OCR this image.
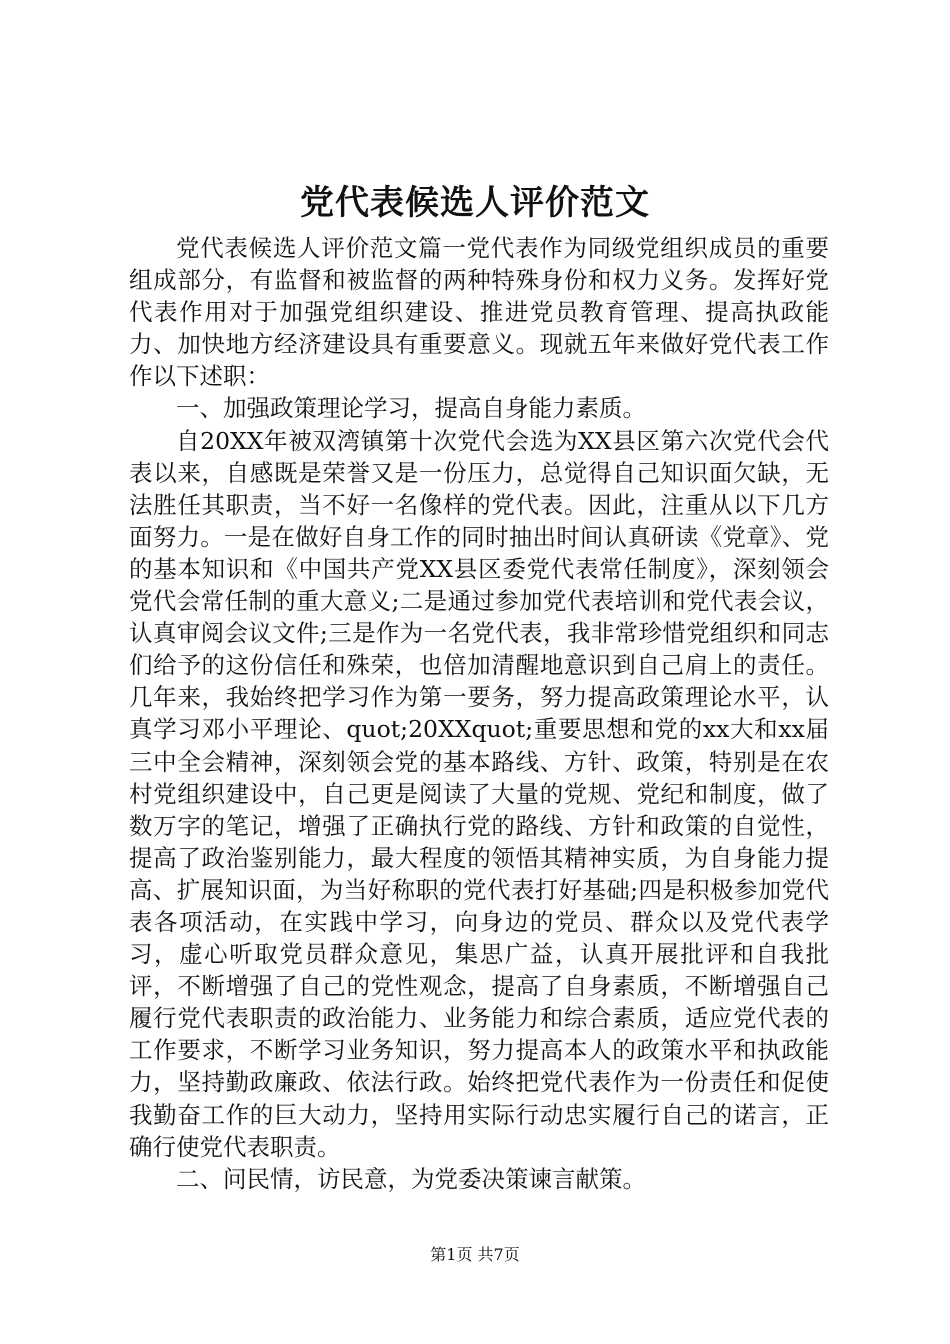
党代表候选人评价范文

党代表候选人评价范文篇一党代表作为同级党组织成员的重要组成部分，有监督和被监督的两种特殊身份和权力义务。发挥好党代表作用对于加强党组织建设、推进党员教育管理、提高执政能力、加快地方经济建设具有重要意义。现就五年来做好党代表工作作以下述职：

一、加强政策理论学习，提高自身能力素质。

自20XX年被双湾镇第十次党代会选为XX县区第六次党代会代表以来，自感既是荣誉又是一份压力，总觉得自己知识面欠缺，无法胜任其职责，当不好一名像样的党代表。因此，注重从以下几方面努力。一是在做好自身工作的同时抽出时间认真研读《党章》、党的基本知识和《中国共产党XX县区委党代表常任制度》，深刻领会党代会常任制的重大意义;二是通过参加党代表培训和党代表会议，认真审阅会议文件;三是作为一名党代表，我非常珍惜党组织和同志们给予的这份信任和殊荣，也倍加清醒地意识到自己肩上的责任。几年来，我始终把学习作为第一要务，努力提高政策理论水平，认真学习邓小平理论、quot;20XXquot;重要思想和党的xx大和xx届三中全会精神，深刻领会党的基本路线、方针、政策，特别是在农村党组织建设中，自己更是阅读了大量的党规、党纪和制度，做了数万字的笔记，增强了正确执行党的路线、方针和政策的自觉性，提高了政治鉴别能力，最大程度的领悟其精神实质，为自身能力提高、扩展知识面，为当好称职的党代表打好基础;四是积极参加党代表各项活动，在实践中学习，向身边的党员、群众以及党代表学习，虚心听取党员群众意见，集思广益，认真开展批评和自我批评，不断增强了自己的党性观念，提高了自身素质，不断增强自己履行党代表职责的政治能力、业务能力和综合素质，适应党代表的工作要求，不断学习业务知识，努力提高本人的政策水平和执政能力，坚持勤政廉政、依法行政。始终把党代表作为一份责任和促使我勤奋工作的巨大动力，坚持用实际行动忠实履行自己的诺言，正确行使党代表职责。

二、问民情，访民意，为党委决策谏言献策。

第1页 共7页
